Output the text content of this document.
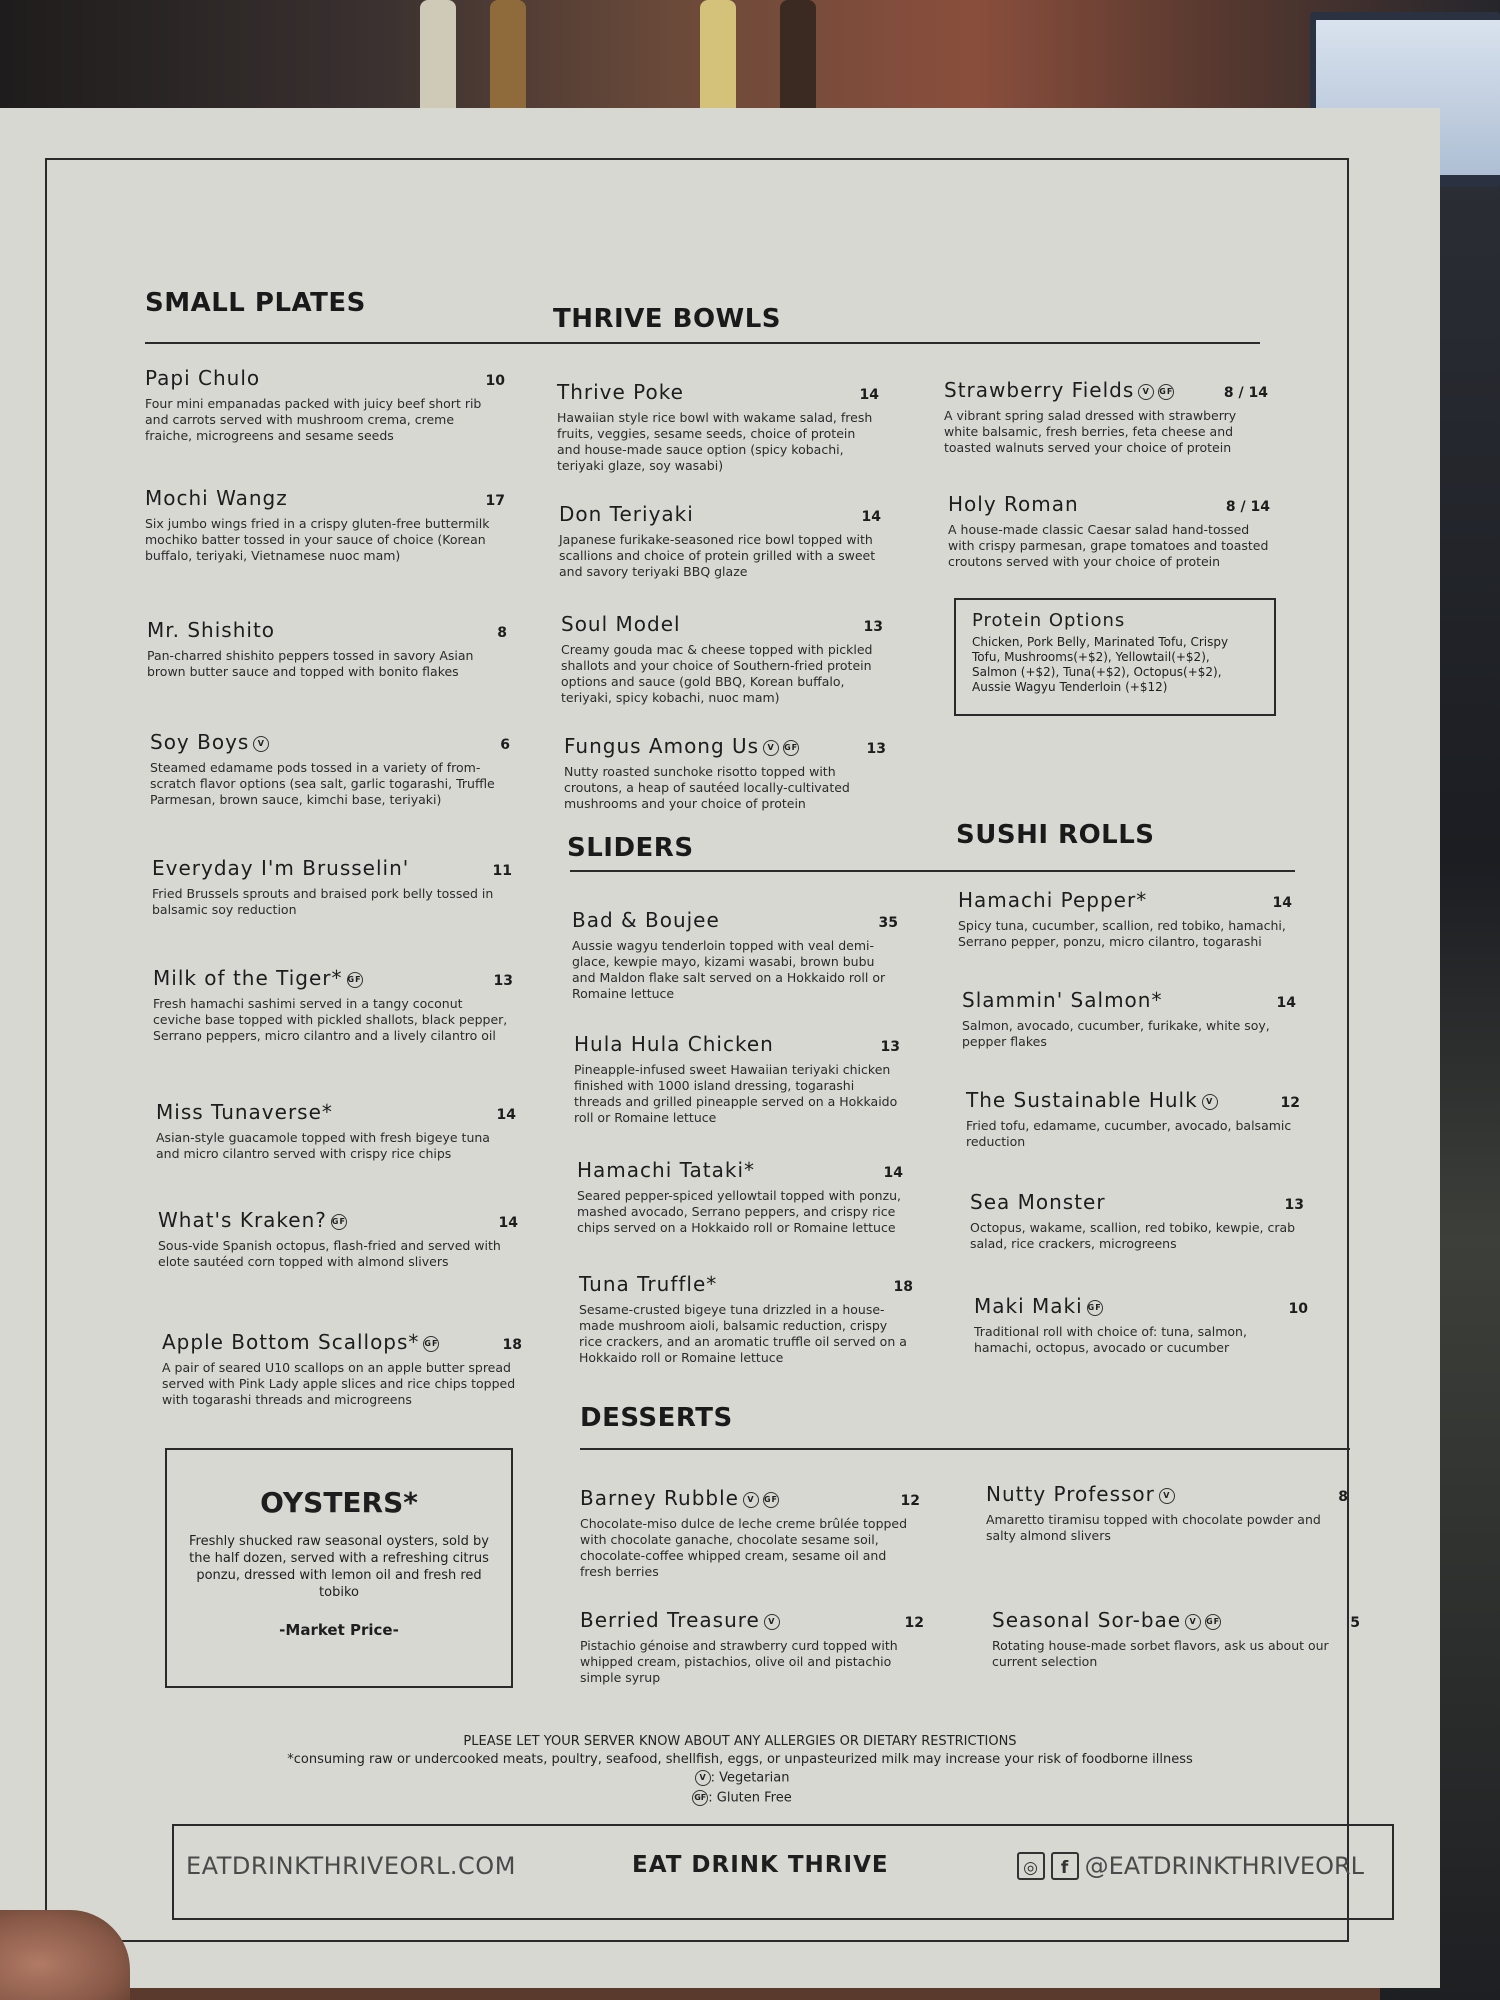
SMALL PLATES
THRIVE BOWLS
SLIDERS	SUSHI ROLLS
DESSERTS
Papi Chulo	10
Four mini empanadas packed with juicy beef short rib and carrots served with mushroom crema, creme fraiche, microgreens and sesame seeds
Mochi Wangz	17
Six jumbo wings fried in a crispy gluten-free buttermilk mochiko batter tossed in your sauce of choice (Korean buffalo, teriyaki, Vietnamese nuoc mam)
Mr. Shishito	8
Pan-charred shishito peppers tossed in savory Asian brown butter sauce and topped with bonito flakes
Soy Boys V	6
Steamed edamame pods tossed in a variety of from-scratch flavor options (sea salt, garlic togarashi, Truffle Parmesan, brown sauce, kimchi base, teriyaki)
Everyday I'm Brusselin'	11
Fried Brussels sprouts and braised pork belly tossed in balsamic soy reduction
Milk of the Tiger* GF	13
Fresh hamachi sashimi served in a tangy coconut ceviche base topped with pickled shallots, black pepper, Serrano peppers, micro cilantro and a lively cilantro oil
Miss Tunaverse*	14
Asian-style guacamole topped with fresh bigeye tuna and micro cilantro served with crispy rice chips
What's Kraken? GF	14
Sous-vide Spanish octopus, flash-fried and served with elote sautéed corn topped with almond slivers
Apple Bottom Scallops* GF	18
A pair of seared U10 scallops on an apple butter spread served with Pink Lady apple slices and rice chips topped with togarashi threads and microgreens
OYSTERS*
Freshly shucked raw seasonal oysters, sold by the half dozen, served with a refreshing citrus ponzu, dressed with lemon oil and fresh red tobiko
-Market Price-
Thrive Poke	14
Hawaiian style rice bowl with wakame salad, fresh fruits, veggies, sesame seeds, choice of protein and house-made sauce option (spicy kobachi, teriyaki glaze, soy wasabi)
Don Teriyaki	14
Japanese furikake-seasoned rice bowl topped with scallions and choice of protein grilled with a sweet and savory teriyaki BBQ glaze
Soul Model	13
Creamy gouda mac & cheese topped with pickled shallots and your choice of Southern-fried protein options and sauce (gold BBQ, Korean buffalo, teriyaki, spicy kobachi, nuoc mam)
Fungus Among Us V GF	13
Nutty roasted sunchoke risotto topped with croutons, a heap of sautéed locally-cultivated mushrooms and your choice of protein
Strawberry Fields V GF	8 / 14
A vibrant spring salad dressed with strawberry white balsamic, fresh berries, feta cheese and toasted walnuts served your choice of protein
Holy Roman	8 / 14
A house-made classic Caesar salad hand-tossed with crispy parmesan, grape tomatoes and toasted croutons served with your choice of protein
Protein Options
Chicken, Pork Belly, Marinated Tofu, Crispy Tofu, Mushrooms(+$2), Yellowtail(+$2), Salmon (+$2), Tuna(+$2), Octopus(+$2), Aussie Wagyu Tenderloin (+$12)
Bad & Boujee	35
Aussie wagyu tenderloin topped with veal demi-glace, kewpie mayo, kizami wasabi, brown bubu and Maldon flake salt served on a Hokkaido roll or Romaine lettuce
Hula Hula Chicken	13
Pineapple-infused sweet Hawaiian teriyaki chicken finished with 1000 island dressing, togarashi threads and grilled pineapple served on a Hokkaido roll or Romaine lettuce
Hamachi Tataki*	14
Seared pepper-spiced yellowtail topped with ponzu, mashed avocado, Serrano peppers, and crispy rice chips served on a Hokkaido roll or Romaine lettuce
Tuna Truffle*	18
Sesame-crusted bigeye tuna drizzled in a house-made mushroom aioli, balsamic reduction, crispy rice crackers, and an aromatic truffle oil served on a Hokkaido roll or Romaine lettuce
Hamachi Pepper*	14
Spicy tuna, cucumber, scallion, red tobiko, hamachi, Serrano pepper, ponzu, micro cilantro, togarashi
Slammin' Salmon*	14
Salmon, avocado, cucumber, furikake, white soy, pepper flakes
The Sustainable Hulk V	12
Fried tofu, edamame, cucumber, avocado, balsamic reduction
Sea Monster	13
Octopus, wakame, scallion, red tobiko, kewpie, crab salad, rice crackers, microgreens
Maki Maki GF	10
Traditional roll with choice of: tuna, salmon, hamachi, octopus, avocado or cucumber
Barney Rubble V GF	12
Chocolate-miso dulce de leche creme brûlée topped with chocolate ganache, chocolate sesame soil, chocolate-coffee whipped cream, sesame oil and fresh berries
Nutty Professor V	8
Amaretto tiramisu topped with chocolate powder and salty almond slivers
Berried Treasure V	12
Pistachio génoise and strawberry curd topped with whipped cream, pistachios, olive oil and pistachio simple syrup
Seasonal Sor-bae V GF	5
Rotating house-made sorbet flavors, ask us about our current selection
PLEASE LET YOUR SERVER KNOW ABOUT ANY ALLERGIES OR DIETARY RESTRICTIONS
*consuming raw or undercooked meats, poultry, seafood, shellfish, eggs, or unpasteurized milk may increase your risk of foodborne illness
V : Vegetarian
GF : Gluten Free
EATDRINKTHRIVEORL.COM	EAT DRINK THRIVE	◎	f @EATDRINKTHRIVEORL
